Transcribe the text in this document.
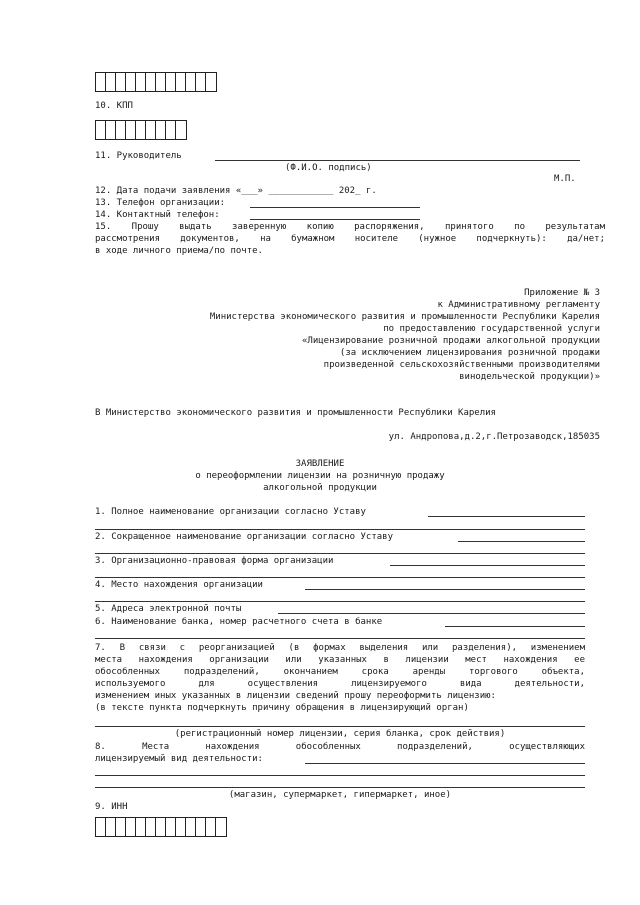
10. КПП
11. Руководитель
(Ф.И.О. подпись)
М.П.
12. Дата подачи заявления «___» ____________ 202_ г.
13. Телефон организации:
14. Контактный телефон:
15. Прошу выдать заверенную копию распоряжения, принятого по результатам
рассмотрения документов, на бумажном носителе (нужное подчеркнуть): да/нет;
в ходе личного приема/по почте.
Приложение № 3
к Административному регламенту
Министерства экономического развития и промышленности Республики Карелия
по предоставлению государственной услуги
«Лицензирование розничной продажи алкогольной продукции
(за исключением лицензирования розничной продажи
произведенной сельскохозяйственными производителями
винодельческой продукции)»
В Министерство экономического развития и промышленности Республики Карелия
ул. Андропова,д.2,г.Петрозаводск,185035
ЗАЯВЛЕНИЕ
о переоформлении лицензии на розничную продажу
алкогольной продукции
1. Полное наименование организации согласно Уставу
2. Сокращенное наименование организации согласно Уставу
3. Организационно-правовая форма организации
4. Место нахождения организации
5. Адреса электронной почты
6. Наименование банка, номер расчетного счета в банке
7. В связи с реорганизацией (в формах выделения или разделения), изменением
места нахождения организации или указанных в лицензии мест нахождения ее
обособленных подразделений, окончанием срока аренды торгового объекта,
используемого для осуществления лицензируемого вида деятельности,
изменением иных указанных в лицензии сведений прошу переоформить лицензию:
(в тексте пункта подчеркнуть причину обращения в лицензирующий орган)
(регистрационный номер лицензии, серия бланка, срок действия)
8. Места нахождения обособленных подразделений, осуществляющих
лицензируемый вид деятельности:
(магазин, супермаркет, гипермаркет, иное)
9. ИНН
